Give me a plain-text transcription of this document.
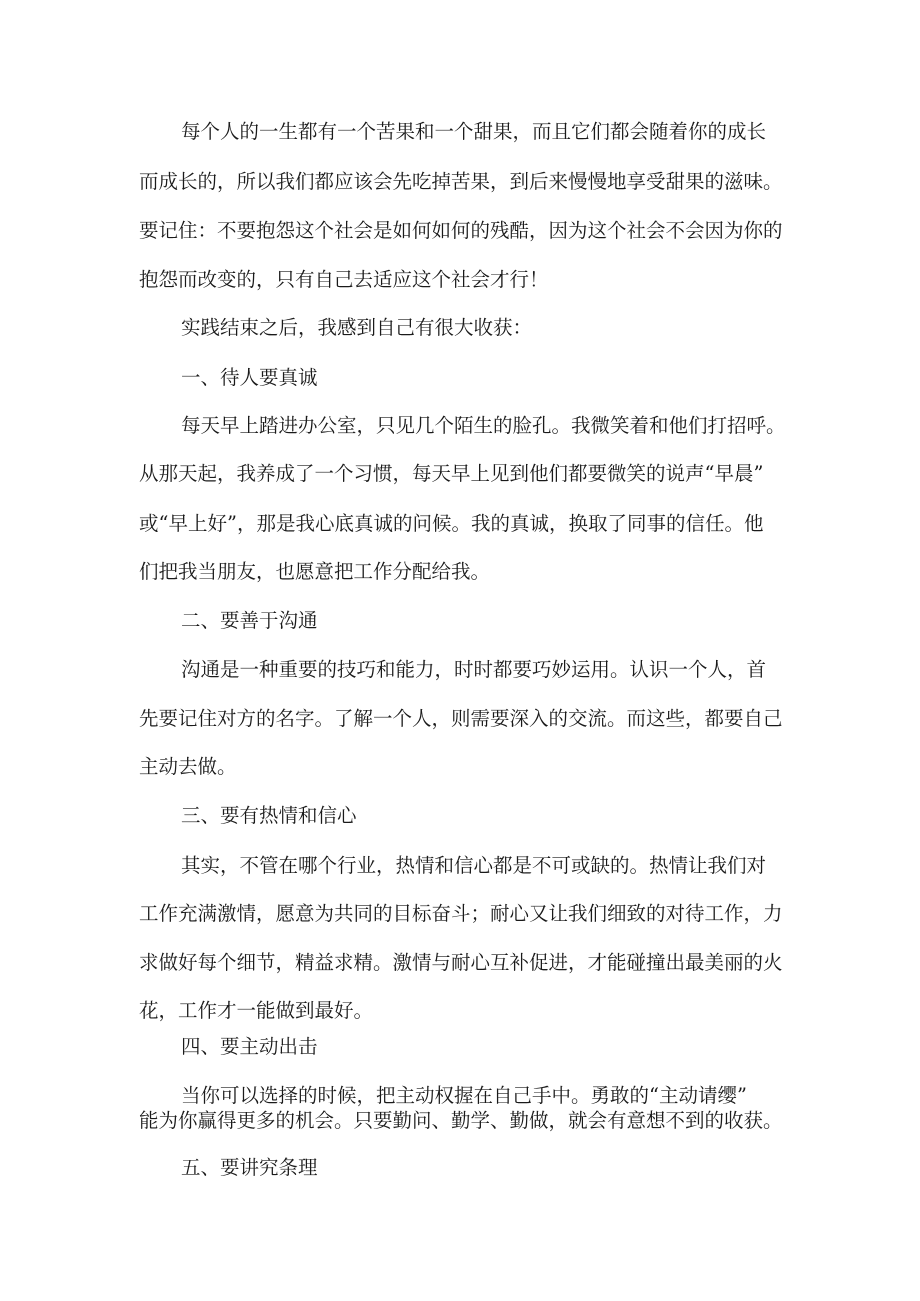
每个人的一生都有一个苦果和一个甜果，而且它们都会随着你的成长

而成长的，所以我们都应该会先吃掉苦果，到后来慢慢地享受甜果的滋味。

要记住：不要抱怨这个社会是如何如何的残酷，因为这个社会不会因为你的

抱怨而改变的，只有自己去适应这个社会才行！

实践结束之后，我感到自己有很大收获：

一、待人要真诚

每天早上踏进办公室，只见几个陌生的脸孔。我微笑着和他们打招呼。

从那天起，我养成了一个习惯，每天早上见到他们都要微笑的说声“早晨”

或“早上好”，那是我心底真诚的问候。我的真诚，换取了同事的信任。他

们把我当朋友，也愿意把工作分配给我。

二、要善于沟通

沟通是一种重要的技巧和能力，时时都要巧妙运用。认识一个人，首

先要记住对方的名字。了解一个人，则需要深入的交流。而这些，都要自己

主动去做。

三、要有热情和信心

其实，不管在哪个行业，热情和信心都是不可或缺的。热情让我们对

工作充满激情，愿意为共同的目标奋斗；耐心又让我们细致的对待工作，力

求做好每个细节，精益求精。激情与耐心互补促进，才能碰撞出最美丽的火

花，工作才一能做到最好。

四、要主动出击

当你可以选择的时候，把主动权握在自己手中。勇敢的“主动请缨”

能为你赢得更多的机会。只要勤问、勤学、勤做，就会有意想不到的收获。

五、要讲究条理
